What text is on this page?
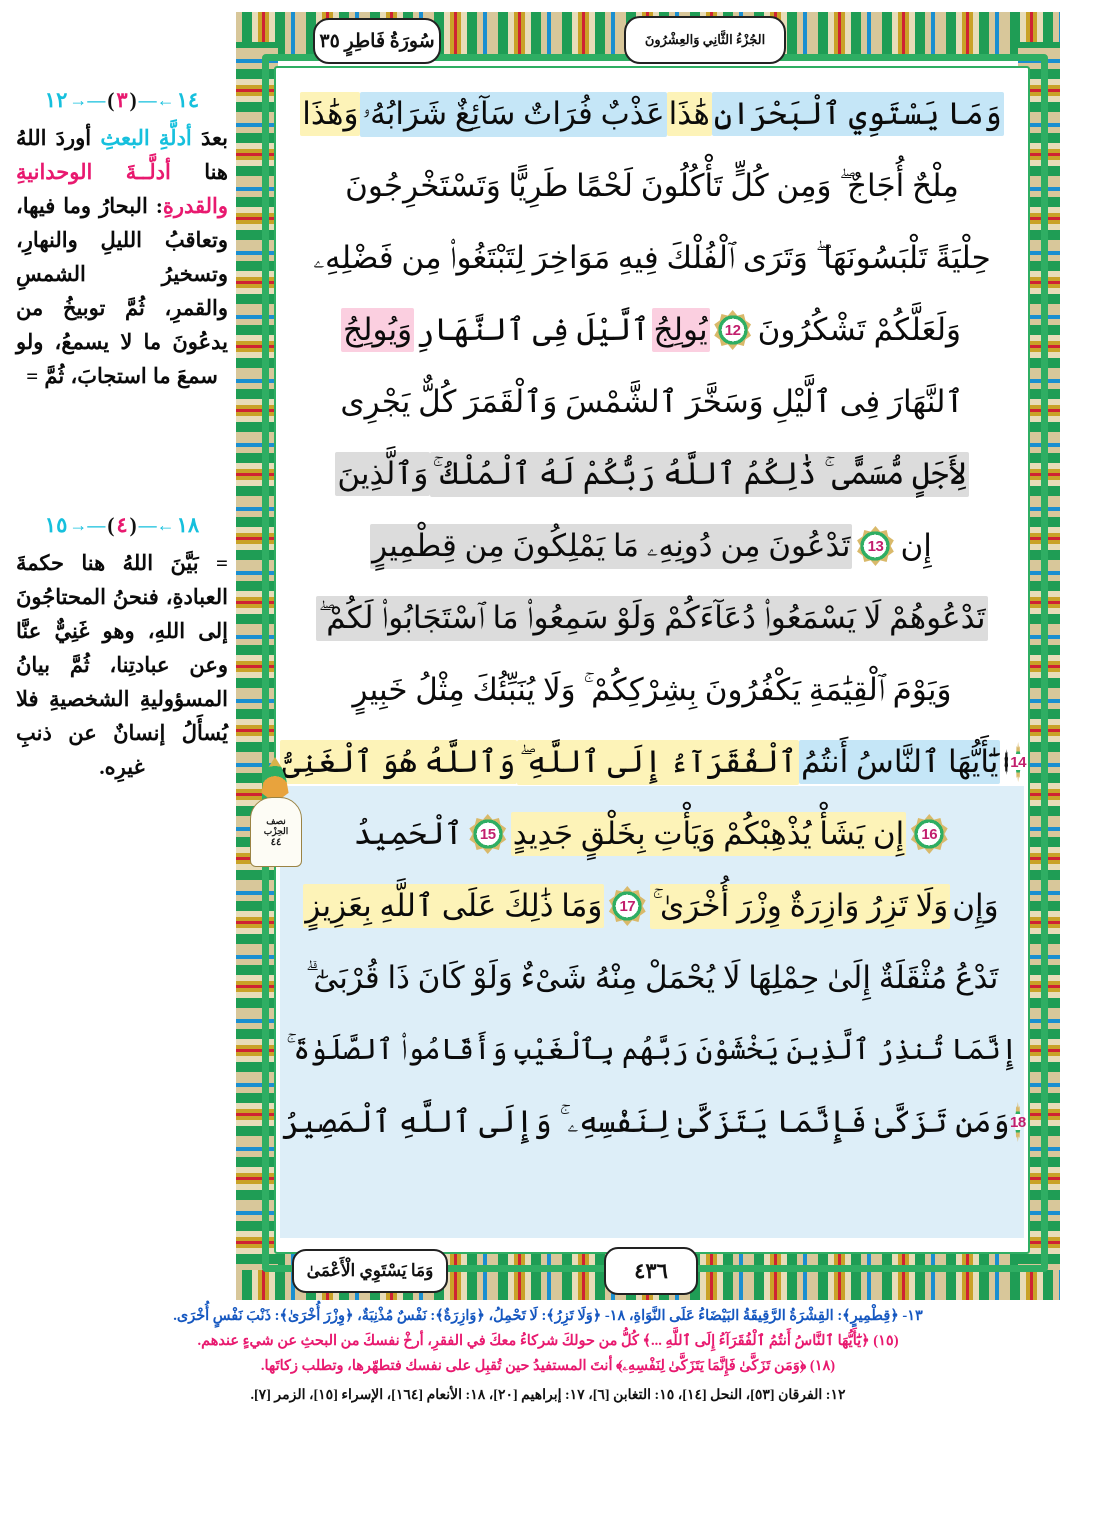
سُورَةُ فَاطِرٍ ٣٥	الجُزْءُ الثَّانِي وَالعِشْرُونَ
نصف
الحِزْب
٤٤
وَمَا يَسْتَوِي ٱلْبَحْرَانِ
هَٰذَا
عَذْبٌ فُرَاتٌ سَآئِغٌ شَرَابُهُۥ
وَهَٰذَا
مِلْحٌ أُجَاجٌ ۖ وَمِن كُلٍّ تَأْكُلُونَ لَحْمًا طَرِيًّا وَتَسْتَخْرِجُونَ
حِلْيَةً تَلْبَسُونَهَا ۖ وَتَرَى ٱلْفُلْكَ فِيهِ مَوَاخِرَ لِتَبْتَغُوا۟ مِن فَضْلِهِۦ
وَلَعَلَّكُمْ تَشْكُرُونَ
12
يُولِجُ
ٱلَّيْلَ فِى ٱلنَّهَارِ
وَيُولِجُ
ٱلنَّهَارَ فِى ٱلَّيْلِ وَسَخَّرَ ٱلشَّمْسَ وَٱلْقَمَرَ كُلٌّ يَجْرِى
لِأَجَلٍ مُّسَمًّى ۚ ذَٰلِكُمُ ٱللَّهُ رَبُّكُمْ لَهُ ٱلْمُلْكُ ۚ
وَٱلَّذِينَ
إِن
13
تَدْعُونَ مِن دُونِهِۦ مَا يَمْلِكُونَ مِن قِطْمِيرٍ
تَدْعُوهُمْ لَا يَسْمَعُوا۟ دُعَآءَكُمْ وَلَوْ سَمِعُوا۟ مَا ٱسْتَجَابُوا۟ لَكُمْ ۖ
وَيَوْمَ ٱلْقِيَٰمَةِ يَكْفُرُونَ بِشِرْكِكُمْ ۚ وَلَا يُنَبِّئُكَ مِثْلُ خَبِيرٍ
14
يَٰٓأَيُّهَا ٱلنَّاسُ أَنتُمُ
ٱلْفُقَرَآءُ إِلَى ٱللَّهِ ۖ
وَٱللَّهُ هُوَ ٱلْغَنِىُّ
16
إِن يَشَأْ يُذْهِبْكُمْ وَيَأْتِ بِخَلْقٍ جَدِيدٍ
15
ٱلْحَمِيدُ
وَإِن
وَلَا تَزِرُ وَازِرَةٌ وِزْرَ أُخْرَىٰ ۚ
17
وَمَا ذَٰلِكَ عَلَى ٱللَّهِ بِعَزِيزٍ
تَدْعُ مُثْقَلَةٌ إِلَىٰ حِمْلِهَا لَا يُحْمَلْ مِنْهُ شَىْءٌ وَلَوْ كَانَ ذَا قُرْبَىٰٓ ۗ
إِنَّمَا تُنذِرُ ٱلَّذِينَ يَخْشَوْنَ رَبَّهُم بِٱلْغَيْبِ وَأَقَامُوا۟ ٱلصَّلَوٰةَ ۚ
18
وَمَن تَزَكَّىٰ فَإِنَّمَا يَتَزَكَّىٰ لِنَفْسِهِۦ ۚ وَإِلَى ٱللَّهِ ٱلْمَصِيرُ
١٤
←—
(
٣
)
—→
١٢
بعدَ أدلَّةِ البعثِ أوردَ اللهُ هنا أدلَّــةَ الوحدانيةِ والقدرةِ: البحارُ وما فيها، وتعاقبُ الليلِ والنهارِ، وتسخيرُ الشمسِ والقمرِ، ثُمَّ توبيخُ من يدعُونَ ما لا يسمعُ، ولو سمعَ ما استجابَ، ثُمَّ =
١٨
←—
(
٤
)
—→
١٥
= بَيَّنَ اللهُ هنا حكمةَ العبادةِ، فنحنُ المحتاجُونَ إلى اللهِ، وهو غَنِيٌّ عنَّا وعن عبادتِنا، ثُمَّ بيانُ المسؤوليةِ الشخصيةِ فلا يُسأَلُ إنسانٌ عن ذنبِ غيرِه.
وَمَا يَسْتَوِي الْأَعْمَىٰ	٤٣٦
١٣- ﴿قِطْمِيرٍ﴾: القِشْرَةُ الرَّقِيقَةُ البَيْضَاءُ عَلَى النَّوَاةِ، ١٨- ﴿وَلَا تَزِرُ﴾: لَا تَحْمِلُ، ﴿وَازِرَةٌ﴾: نَفْسٌ مُذْنِبَةٌ، ﴿وِزْرَ أُخْرَىٰ﴾: ذَنْبَ نَفْسٍ أُخْرَى.
(١٥) ﴿يَٰٓأَيُّهَا ٱلنَّاسُ أَنتُمُ ٱلْفُقَرَآءُ إِلَى ٱللَّهِ ...﴾ كُلُّ من حولكَ شركاءُ معكَ في الفقرِ، أرخْ نفسكَ من البحثِ عن شيءٍ عندهم.
(١٨) ﴿وَمَن تَزَكَّىٰ فَإِنَّمَا يَتَزَكَّىٰ لِنَفْسِهِۦ﴾ أنتَ المستفيدُ حين تُقبِل على نفسك فتطهّرها، وتطلب زكاتَها.
١٢: الفرقان [٥٣]، النحل [١٤]، ١٥: التغابن [٦]، ١٧: إبراهيم [٢٠]، ١٨: الأنعام [١٦٤]، الإسراء [١٥]، الزمر [٧].
